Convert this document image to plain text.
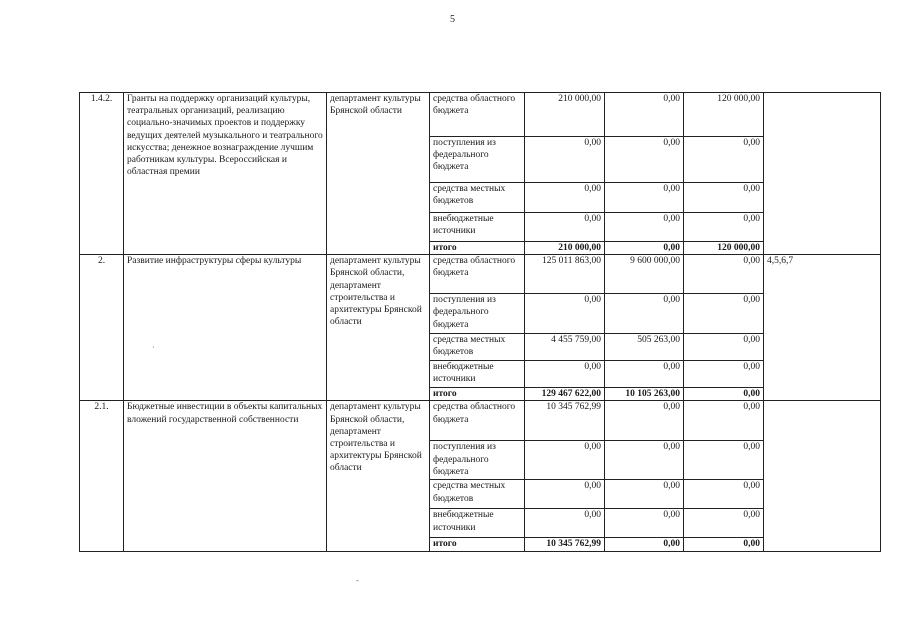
5
1.4.2.	Гранты на поддержку организаций культуры, театральных организаций, реализацию социально-значимых проектов и поддержку ведущих деятелей музыкального и театрального искусства; денежное вознаграждение лучшим работникам культуры. Всероссийская и областная премии	департамент культуры Брянской области	средства областного бюджета	210 000,00	0,00	120 000,00	
			поступления из федерального бюджета	0,00	0,00	0,00	
			средства местных бюджетов	0,00	0,00	0,00	
			внебюджетные источники	0,00	0,00	0,00	
			итого	210 000,00	0,00	120 000,00	
2.	Развитие инфраструктуры сферы культуры	департамент культуры Брянской области, департамент строительства и архитектуры Брянской области	средства областного бюджета	125 011 863,00	9 600 000,00	0,00	4,5,6,7
			поступления из федерального бюджета	0,00	0,00	0,00	
			средства местных бюджетов	4 455 759,00	505 263,00	0,00	
			внебюджетные источники	0,00	0,00	0,00	
			итого	129 467 622,00	10 105 263,00	0,00	
2.1.	Бюджетные инвестиции в объекты капитальных вложений государственной собственности	департамент культуры Брянской области, департамент строительства и архитектуры Брянской области	средства областного бюджета	10 345 762,99	0,00	0,00	
			поступления из федерального бюджета	0,00	0,00	0,00	
			средства местных бюджетов	0,00	0,00	0,00	
			внебюджетные источники	0,00	0,00	0,00	
			итого	10 345 762,99	0,00	0,00	
·
-
